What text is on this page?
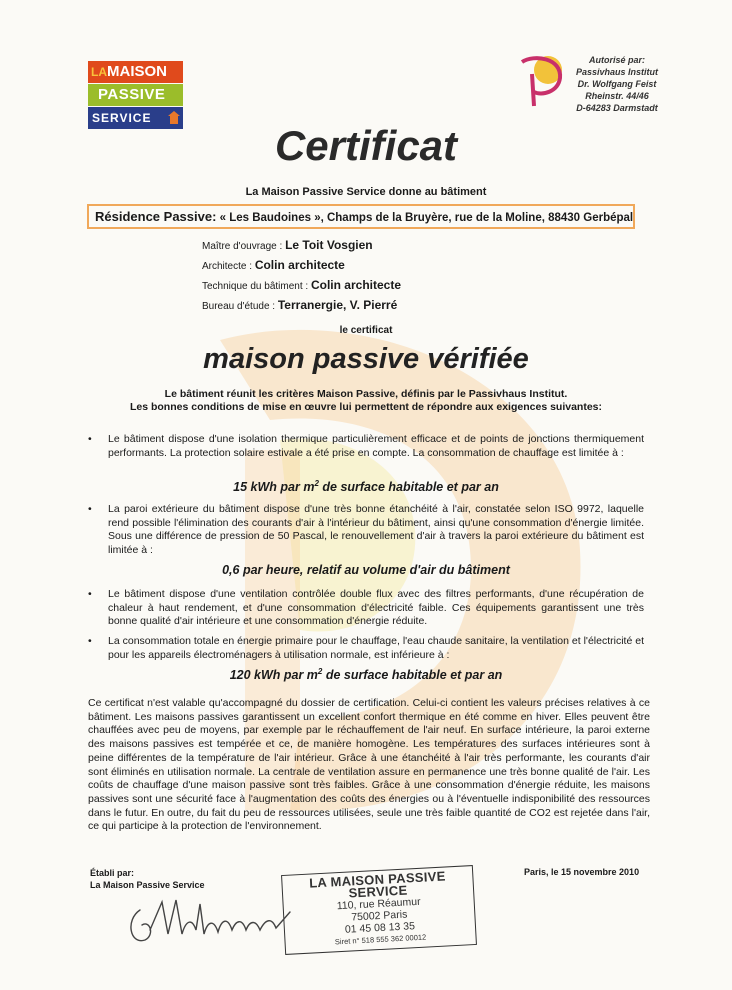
LAMAISON
PASSIVE
SERVICE
Autorisé par:
Passivhaus Institut
Dr. Wolfgang Feist
Rheinstr. 44/46
D-64283 Darmstadt
Certificat
La Maison Passive Service donne au bâtiment
Résidence Passive: « Les Baudoines », Champs de la Bruyère, rue de la Moline, 88430 Gerbépal
Maître d'ouvrage : Le Toit Vosgien
Architecte : Colin architecte
Technique du bâtiment : Colin architecte
Bureau d'étude : Terranergie, V. Pierré
le certificat
maison passive vérifiée
Le bâtiment réunit les critères Maison Passive, définis par le Passivhaus Institut.
Les bonnes conditions de mise en œuvre lui permettent de répondre aux exigences suivantes:
• Le bâtiment dispose d'une isolation thermique particulièrement efficace et de points de jonctions thermiquement performants. La protection solaire estivale a été prise en compte. La consommation de chauffage est limitée à :
15 kWh par $m^2$ de surface habitable et par an
• La paroi extérieure du bâtiment dispose d'une très bonne étanchéité à l'air, constatée selon ISO 9972, laquelle rend possible l'élimination des courants d'air à l'intérieur du bâtiment, ainsi qu'une consommation d'énergie limitée. Sous une différence de pression de 50 Pascal, le renouvellement d'air à travers la paroi extérieure du bâtiment est limitée à :
0,6 par heure, relatif au volume d'air du bâtiment
• Le bâtiment dispose d'une ventilation contrôlée double flux avec des filtres performants, d'une récupération de chaleur à haut rendement, et d'une consommation d'électricité faible. Ces équipements garantissent une très bonne qualité d'air intérieure et une consommation d'énergie réduite.
• La consommation totale en énergie primaire pour le chauffage, l'eau chaude sanitaire, la ventilation et l'électricité et pour les appareils électroménagers à utilisation normale, est inférieure à :
120 kWh par $m^2$ de surface habitable et par an
Ce certificat n'est valable qu'accompagné du dossier de certification. Celui-ci contient les valeurs précises relatives à ce bâtiment. Les maisons passives garantissent un excellent confort thermique en été comme en hiver. Elles peuvent être chauffées avec peu de moyens, par exemple par le réchauffement de l'air neuf. En surface intérieure, la paroi externe des maisons passives est tempérée et ce, de manière homogène. Les températures des surfaces intérieures sont à peine différentes de la température de l'air intérieur. Grâce à une étanchéité à l'air très performante, les courants d'air sont éliminés en utilisation normale. La centrale de ventilation assure en permanence une très bonne qualité de l'air. Les coûts de chauffage d'une maison passive sont très faibles. Grâce à une consommation d'énergie réduite, les maisons passives sont une sécurité face à l'augmentation des coûts des énergies ou à l'éventuelle indisponibilité des ressources dans le futur. En outre, du fait du peu de ressources utilisées, seule une très faible quantité de CO2 est rejetée dans l'air, ce qui participe à la protection de l'environnement.
Établi par:
La Maison Passive Service
Paris, le 15 novembre 2010
LA MAISON PASSIVE SERVICE
110, rue Réaumur
75002 Paris
01 45 08 13 35
Siret n° 518 555 362 00012
